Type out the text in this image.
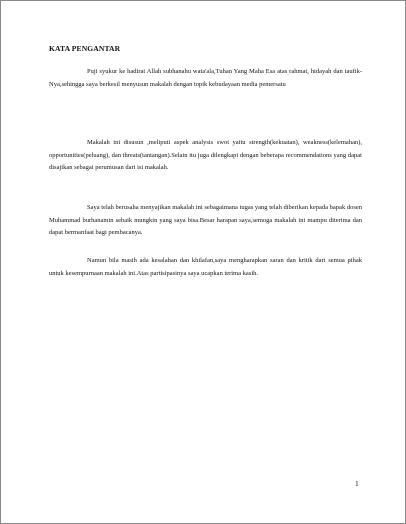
KATA PENGANTAR

Puji syukur ke hadirat Allah subhanahu wata'ala,Tuhan Yang Maha Esa atas rahmat, hidayah dan taufik-Nya,sehingga saya berkesil menyusun makalah dengan topik kebudayaan media pemersatu

Makalah ini disusun ,meliputi aspek analysis swot yaitu strength(kekuatan), weakness(kelemahan), opportunities(peluang), dan threats(tantangan).Selain itu juga dilengkapi dengan beberapa recommendations yang dapat disajikan sebagai perumusan dari isi makalah.

Saya telah berusaha menyajikan makalah ini sebagaimana tugas yang telah diberikan kepada bapak dosen Muhammad burhanamin sebaik mungkin yang saya bisa.Besar harapan saya,semoga makalah ini mampu diterima dan dapat bermanfaat bagi pembacanya.

Namun bila masih ada kesalahan dan khilafan,saya mengharapkan saran dan kritik dari semua pihak untuk kesempurnaan makalah ini.Atas partisipasinya saya ucapkan terima kasih.

1
